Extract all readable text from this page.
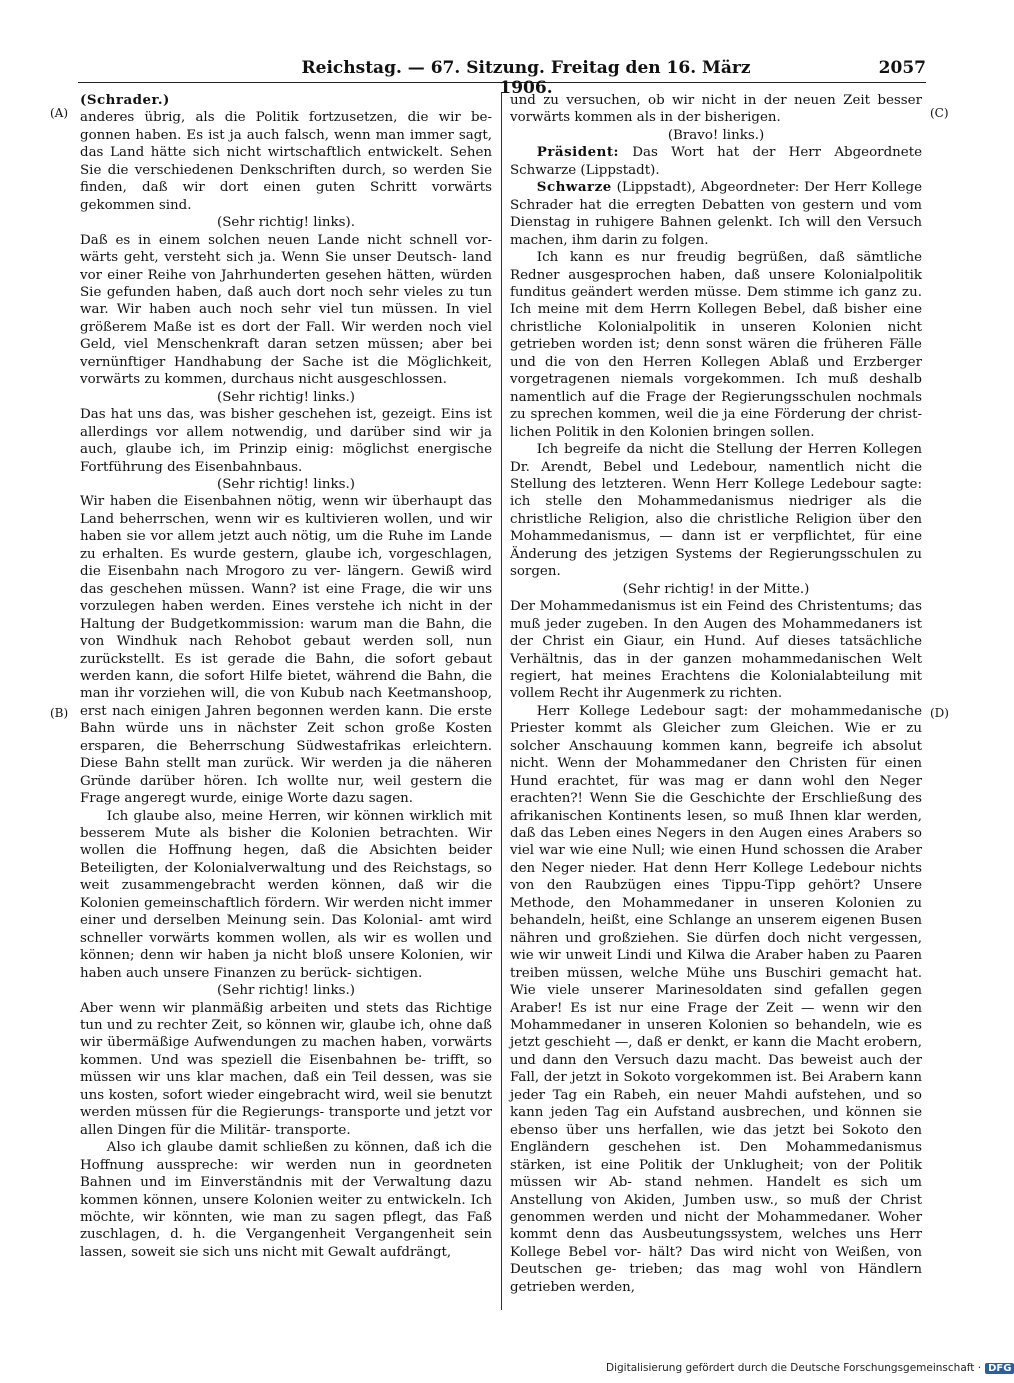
Reichstag. — 67. Sitzung. Freitag den 16. März 1906.
2057
(A)
(B)
(C)
(D)

(Schrader.)

anderes übrig, als die Politik fortzusetzen, die wir be- gonnen haben. Es ist ja auch falsch, wenn man immer sagt, das Land hätte sich nicht wirtschaftlich entwickelt. Sehen Sie die verschiedenen Denkschriften durch, so werden Sie finden, daß wir dort einen guten Schritt vorwärts gekommen sind.

(Sehr richtig! links).

Daß es in einem solchen neuen Lande nicht schnell vor- wärts geht, versteht sich ja. Wenn Sie unser Deutsch- land vor einer Reihe von Jahrhunderten gesehen hätten, würden Sie gefunden haben, daß auch dort noch sehr vieles zu tun war. Wir haben auch noch sehr viel tun müssen. In viel größerem Maße ist es dort der Fall. Wir werden noch viel Geld, viel Menschenkraft daran setzen müssen; aber bei vernünftiger Handhabung der Sache ist die Möglichkeit, vorwärts zu kommen, durchaus nicht ausgeschlossen.

(Sehr richtig! links.)

Das hat uns das, was bisher geschehen ist, gezeigt. Eins ist allerdings vor allem notwendig, und darüber sind wir ja auch, glaube ich, im Prinzip einig: möglichst energische Fortführung des Eisenbahnbaus.

(Sehr richtig! links.)

Wir haben die Eisenbahnen nötig, wenn wir überhaupt das Land beherrschen, wenn wir es kultivieren wollen, und wir haben sie vor allem jetzt auch nötig, um die Ruhe im Lande zu erhalten. Es wurde gestern, glaube ich, vorgeschlagen, die Eisenbahn nach Mrogoro zu ver- längern. Gewiß wird das geschehen müssen. Wann? ist eine Frage, die wir uns vorzulegen haben werden. Eines verstehe ich nicht in der Haltung der Budgetkommission: warum man die Bahn, die von Windhuk nach Rehobot gebaut werden soll, nun zurückstellt. Es ist gerade die Bahn, die sofort gebaut werden kann, die sofort Hilfe bietet, während die Bahn, die man ihr vorziehen will, die von Kubub nach Keetmanshoop, erst nach einigen Jahren begonnen werden kann. Die erste Bahn würde uns in nächster Zeit schon große Kosten ersparen, die Beherrschung Südwestafrikas erleichtern. Diese Bahn stellt man zurück. Wir werden ja die näheren Gründe darüber hören. Ich wollte nur, weil gestern die Frage angeregt wurde, einige Worte dazu sagen.

Ich glaube also, meine Herren, wir können wirklich mit besserem Mute als bisher die Kolonien betrachten. Wir wollen die Hoffnung hegen, daß die Absichten beider Beteiligten, der Kolonialverwaltung und des Reichstags, so weit zusammengebracht werden können, daß wir die Kolonien gemeinschaftlich fördern. Wir werden nicht immer einer und derselben Meinung sein. Das Kolonial- amt wird schneller vorwärts kommen wollen, als wir es wollen und können; denn wir haben ja nicht bloß unsere Kolonien, wir haben auch unsere Finanzen zu berück- sichtigen.

(Sehr richtig! links.)

Aber wenn wir planmäßig arbeiten und stets das Richtige tun und zu rechter Zeit, so können wir, glaube ich, ohne daß wir übermäßige Aufwendungen zu machen haben, vorwärts kommen. Und was speziell die Eisenbahnen be- trifft, so müssen wir uns klar machen, daß ein Teil dessen, was sie uns kosten, sofort wieder eingebracht wird, weil sie benutzt werden müssen für die Regierungs- transporte und jetzt vor allen Dingen für die Militär- transporte.

Also ich glaube damit schließen zu können, daß ich die Hoffnung ausspreche: wir werden nun in geordneten Bahnen und im Einverständnis mit der Verwaltung dazu kommen können, unsere Kolonien weiter zu entwickeln. Ich möchte, wir könnten, wie man zu sagen pflegt, das Faß zuschlagen, d. h. die Vergangenheit Vergangenheit sein lassen, soweit sie sich uns nicht mit Gewalt aufdrängt,

und zu versuchen, ob wir nicht in der neuen Zeit besser vorwärts kommen als in der bisherigen.

(Bravo! links.)

Präsident: Das Wort hat der Herr Abgeordnete Schwarze (Lippstadt).

Schwarze (Lippstadt), Abgeordneter: Der Herr Kollege Schrader hat die erregten Debatten von gestern und vom Dienstag in ruhigere Bahnen gelenkt. Ich will den Versuch machen, ihm darin zu folgen.

Ich kann es nur freudig begrüßen, daß sämtliche Redner ausgesprochen haben, daß unsere Kolonialpolitik funditus geändert werden müsse. Dem stimme ich ganz zu. Ich meine mit dem Herrn Kollegen Bebel, daß bisher eine christliche Kolonialpolitik in unseren Kolonien nicht getrieben worden ist; denn sonst wären die früheren Fälle und die von den Herren Kollegen Ablaß und Erzberger vorgetragenen niemals vorgekommen. Ich muß deshalb namentlich auf die Frage der Regierungsschulen nochmals zu sprechen kommen, weil die ja eine Förderung der christ- lichen Politik in den Kolonien bringen sollen.

Ich begreife da nicht die Stellung der Herren Kollegen Dr. Arendt, Bebel und Ledebour, namentlich nicht die Stellung des letzteren. Wenn Herr Kollege Ledebour sagte: ich stelle den Mohammedanismus niedriger als die christliche Religion, also die christliche Religion über den Mohammedanismus, — dann ist er verpflichtet, für eine Änderung des jetzigen Systems der Regierungsschulen zu sorgen.

(Sehr richtig! in der Mitte.)

Der Mohammedanismus ist ein Feind des Christentums; das muß jeder zugeben. In den Augen des Mohammedaners ist der Christ ein Giaur, ein Hund. Auf dieses tatsächliche Verhältnis, das in der ganzen mohammedanischen Welt regiert, hat meines Erachtens die Kolonialabteilung mit vollem Recht ihr Augenmerk zu richten.

Herr Kollege Ledebour sagt: der mohammedanische Priester kommt als Gleicher zum Gleichen. Wie er zu solcher Anschauung kommen kann, begreife ich absolut nicht. Wenn der Mohammedaner den Christen für einen Hund erachtet, für was mag er dann wohl den Neger erachten?! Wenn Sie die Geschichte der Erschließung des afrikanischen Kontinents lesen, so muß Ihnen klar werden, daß das Leben eines Negers in den Augen eines Arabers so viel war wie eine Null; wie einen Hund schossen die Araber den Neger nieder. Hat denn Herr Kollege Ledebour nichts von den Raubzügen eines Tippu-Tipp gehört? Unsere Methode, den Mohammedaner in unseren Kolonien zu behandeln, heißt, eine Schlange an unserem eigenen Busen nähren und großziehen. Sie dürfen doch nicht vergessen, wie wir unweit Lindi und Kilwa die Araber haben zu Paaren treiben müssen, welche Mühe uns Buschiri gemacht hat. Wie viele unserer Marinesoldaten sind gefallen gegen Araber! Es ist nur eine Frage der Zeit — wenn wir den Mohammedaner in unseren Kolonien so behandeln, wie es jetzt geschieht —, daß er denkt, er kann die Macht erobern, und dann den Versuch dazu macht. Das beweist auch der Fall, der jetzt in Sokoto vorgekommen ist. Bei Arabern kann jeder Tag ein Rabeh, ein neuer Mahdi aufstehen, und so kann jeden Tag ein Aufstand ausbrechen, und können sie ebenso über uns herfallen, wie das jetzt bei Sokoto den Engländern geschehen ist. Den Mohammedanismus stärken, ist eine Politik der Unklugheit; von der Politik müssen wir Ab- stand nehmen. Handelt es sich um Anstellung von Akiden, Jumben usw., so muß der Christ genommen werden und nicht der Mohammedaner. Woher kommt denn das Ausbeutungssystem, welches uns Herr Kollege Bebel vor- hält? Das wird nicht von Weißen, von Deutschen ge- trieben; das mag wohl von Händlern getrieben werden,

Digitalisierung gefördert durch die Deutsche Forschungsgemeinschaft · DFG
